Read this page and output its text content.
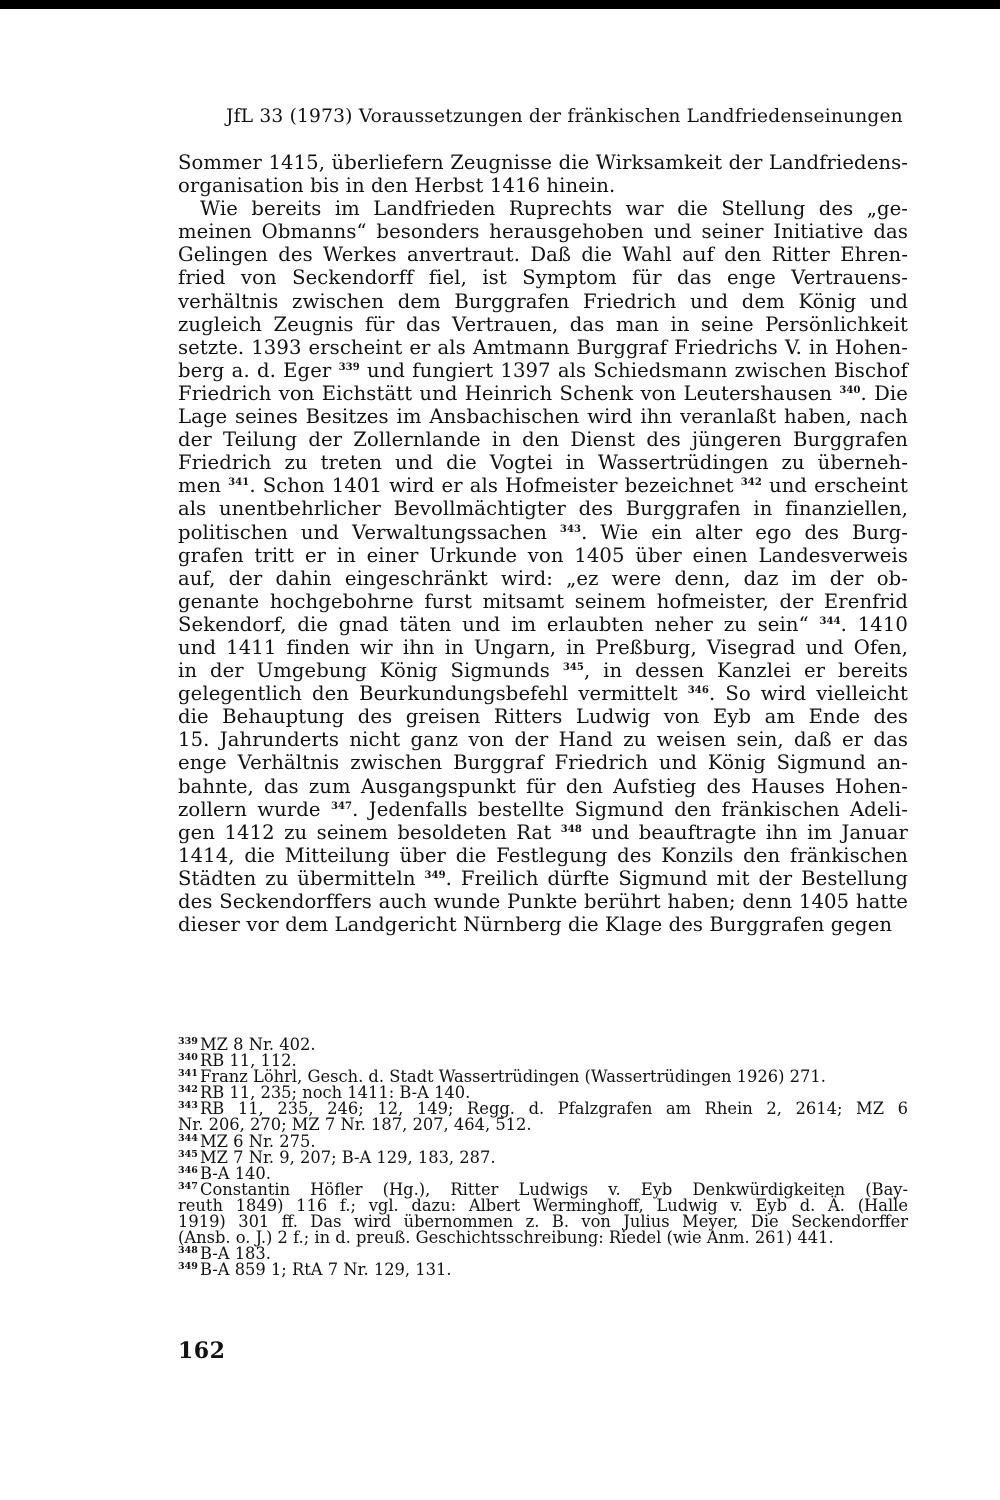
JfL 33 (1973) Voraussetzungen der fränkischen Landfriedenseinungen
Sommer 1415, überliefern Zeugnisse die Wirksamkeit der Landfriedens-
organisation bis in den Herbst 1416 hinein.
Wie bereits im Landfrieden Ruprechts war die Stellung des „ge-
meinen Obmanns“ besonders herausgehoben und seiner Initiative das
Gelingen des Werkes anvertraut. Daß die Wahl auf den Ritter Ehren-
fried von Seckendorff fiel, ist Symptom für das enge Vertrauens-
verhältnis zwischen dem Burggrafen Friedrich und dem König und
zugleich Zeugnis für das Vertrauen, das man in seine Persönlichkeit
setzte. 1393 erscheint er als Amtmann Burggraf Friedrichs V. in Hohen-
berg a. d. Eger $^{339}$ und fungiert 1397 als Schiedsmann zwischen Bischof
Friedrich von Eichstätt und Heinrich Schenk von Leutershausen $^{340}$. Die
Lage seines Besitzes im Ansbachischen wird ihn veranlaßt haben, nach
der Teilung der Zollernlande in den Dienst des jüngeren Burggrafen
Friedrich zu treten und die Vogtei in Wassertrüdingen zu überneh-
men $^{341}$. Schon 1401 wird er als Hofmeister bezeichnet $^{342}$ und erscheint
als unentbehrlicher Bevollmächtigter des Burggrafen in finanziellen,
politischen und Verwaltungssachen $^{343}$. Wie ein alter ego des Burg-
grafen tritt er in einer Urkunde von 1405 über einen Landesverweis
auf, der dahin eingeschränkt wird: „ez were denn, daz im der ob-
genante hochgebohrne furst mitsamt seinem hofmeister, der Erenfrid
Sekendorf, die gnad täten und im erlaubten neher zu sein“ $^{344}$. 1410
und 1411 finden wir ihn in Ungarn, in Preßburg, Visegrad und Ofen,
in der Umgebung König Sigmunds $^{345}$, in dessen Kanzlei er bereits
gelegentlich den Beurkundungsbefehl vermittelt $^{346}$. So wird vielleicht
die Behauptung des greisen Ritters Ludwig von Eyb am Ende des
15. Jahrunderts nicht ganz von der Hand zu weisen sein, daß er das
enge Verhältnis zwischen Burggraf Friedrich und König Sigmund an-
bahnte, das zum Ausgangspunkt für den Aufstieg des Hauses Hohen-
zollern wurde $^{347}$. Jedenfalls bestellte Sigmund den fränkischen Adeli-
gen 1412 zu seinem besoldeten Rat $^{348}$ und beauftragte ihn im Januar
1414, die Mitteilung über die Festlegung des Konzils den fränkischen
Städten zu übermitteln $^{349}$. Freilich dürfte Sigmund mit der Bestellung
des Seckendorffers auch wunde Punkte berührt haben; denn 1405 hatte
dieser vor dem Landgericht Nürnberg die Klage des Burggrafen gegen
339 MZ 8 Nr. 402.
340 RB 11, 112.
341 Franz Löhrl, Gesch. d. Stadt Wassertrüdingen (Wassertrüdingen 1926) 271.
342 RB 11, 235; noch 1411: B-A 140.
343 RB 11, 235, 246; 12, 149; Regg. d. Pfalzgrafen am Rhein 2, 2614; MZ 6
Nr. 206, 270; MZ 7 Nr. 187, 207, 464, 512.
344 MZ 6 Nr. 275.
345 MZ 7 Nr. 9, 207; B-A 129, 183, 287.
346 B-A 140.
347 Constantin Höfler (Hg.), Ritter Ludwigs v. Eyb Denkwürdigkeiten (Bay-
reuth 1849) 116 f.; vgl. dazu: Albert Werminghoff, Ludwig v. Eyb d. Ä. (Halle
1919) 301 ff. Das wird übernommen z. B. von Julius Meyer, Die Seckendorffer
(Ansb. o. J.) 2 f.; in d. preuß. Geschichtsschreibung: Riedel (wie Anm. 261) 441.
348 B-A 183.
349 B-A 859 1; RtA 7 Nr. 129, 131.
162
